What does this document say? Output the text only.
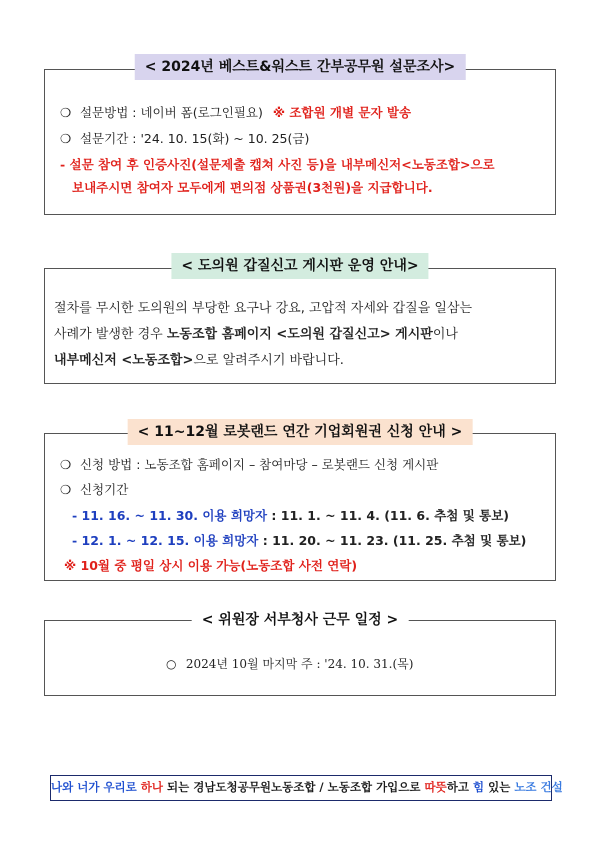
< 2024년 베스트&워스트 간부공무원 설문조사>
❍ 설문방법 : 네이버 폼(로그인필요) ※ 조합원 개별 문자 발송
❍ 설문기간 : '24. 10. 15(화) ~ 10. 25(금)
- 설문 참여 후 인증사진(설문제출 캡쳐 사진 등)을 내부메신저<노동조합>으로
보내주시면 참여자 모두에게 편의점 상품권(3천원)을 지급합니다.
< 도의원 갑질신고 게시판 운영 안내>
절차를 무시한 도의원의 부당한 요구나 강요, 고압적 자세와 갑질을 일삼는
사례가 발생한 경우 노동조합 홈페이지 <도의원 갑질신고> 게시판이나
내부메신저 <노동조합>으로 알려주시기 바랍니다.
< 11~12월 로봇랜드 연간 기업회원권 신청 안내 >
❍ 신청 방법 : 노동조합 홈페이지 – 참여마당 – 로봇랜드 신청 게시판
❍ 신청기간
- 11. 16. ~ 11. 30. 이용 희망자 : 11. 1. ~ 11. 4. (11. 6. 추첨 및 통보)
- 12. 1. ~ 12. 15. 이용 희망자 : 11. 20. ~ 11. 23. (11. 25. 추첨 및 통보)
※ 10월 중 평일 상시 이용 가능(노동조합 사전 연락)
< 위원장 서부청사 근무 일정 >
○ 2024년 10월 마지막 주 : '24. 10. 31.(목)
나와 너가 우리로 하나 되는 경남도청공무원노동조합 / 노동조합 가입으로 따뜻하고 힘 있는 노조 건설
